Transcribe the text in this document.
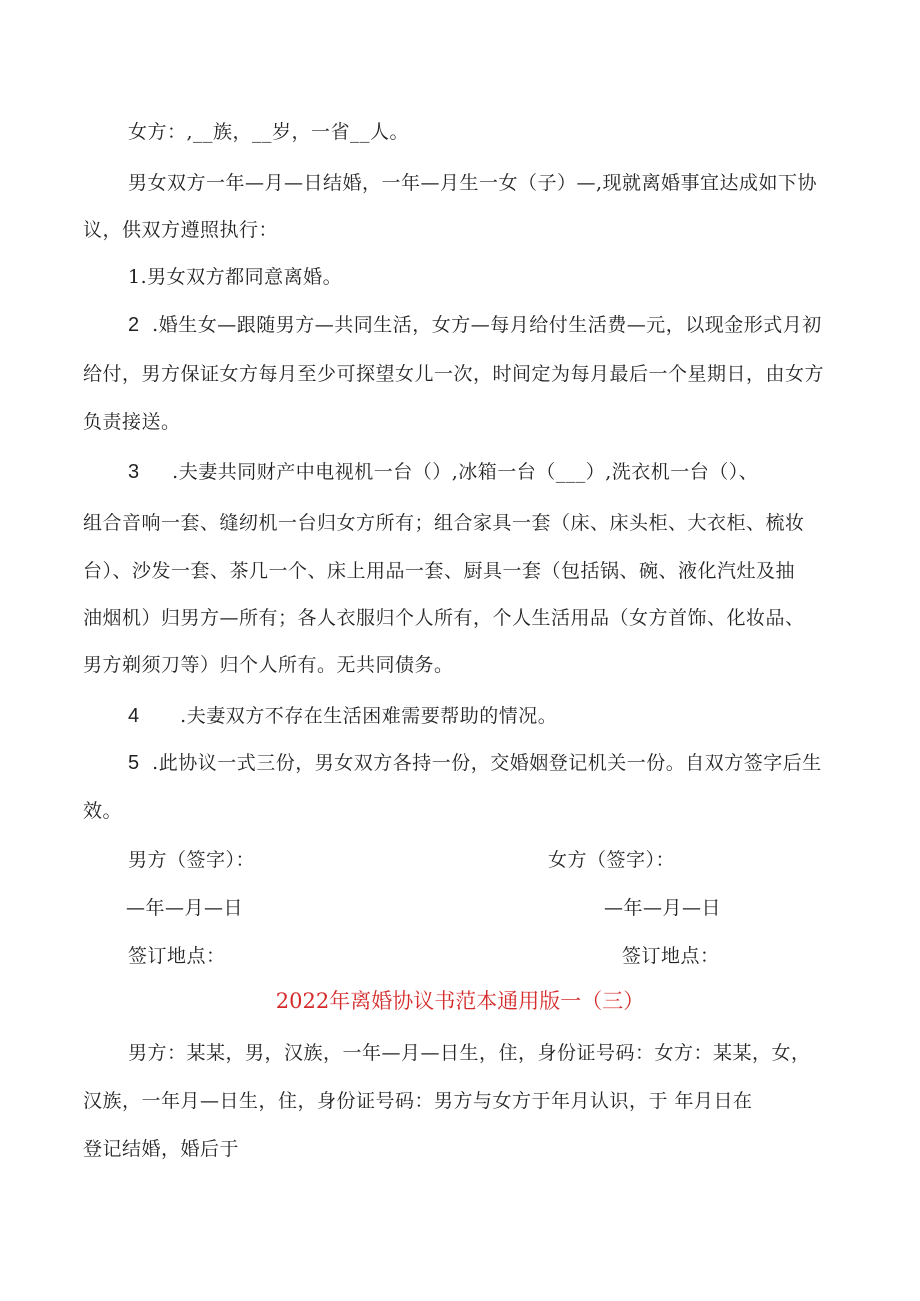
女方：,__族，__岁，一省__人。
男女双方一年—月—日结婚，一年—月生一女（子）—,现就离婚事宜达成如下协
议，供双方遵照执行：
1.男女双方都同意离婚。
2 .婚生女—跟随男方—共同生活，女方—每月给付生活费—元，以现金形式月初
给付，男方保证女方每月至少可探望女儿一次，时间定为每月最后一个星期日，由女方
负责接送。
3 .夫妻共同财产中电视机一台（）,冰箱一台（___）,洗衣机一台（）、
组合音响一套、缝纫机一台归女方所有；组合家具一套（床、床头柜、大衣柜、梳妆
台）、沙发一套、茶几一个、床上用品一套、厨具一套（包括锅、碗、液化汽灶及抽
油烟机）归男方—所有；各人衣服归个人所有，个人生活用品（女方首饰、化妆品、
男方剃须刀等）归个人所有。无共同债务。
4 .夫妻双方不存在生活困难需要帮助的情况。
5 .此协议一式三份，男女双方各持一份，交婚姻登记机关一份。自双方签字后生
效。
男方（签字）：	女方（签字）：
—年—月—日	—年—月—日
签订地点：	签订地点：
2022年离婚协议书范本通用版一（三）
男方：某某，男，汉族，一年—月—日生，住，身份证号码：女方：某某，女，
汉族，一年月—日生，住，身份证号码：男方与女方于年月认识，于 年月日在
登记结婚，婚后于
